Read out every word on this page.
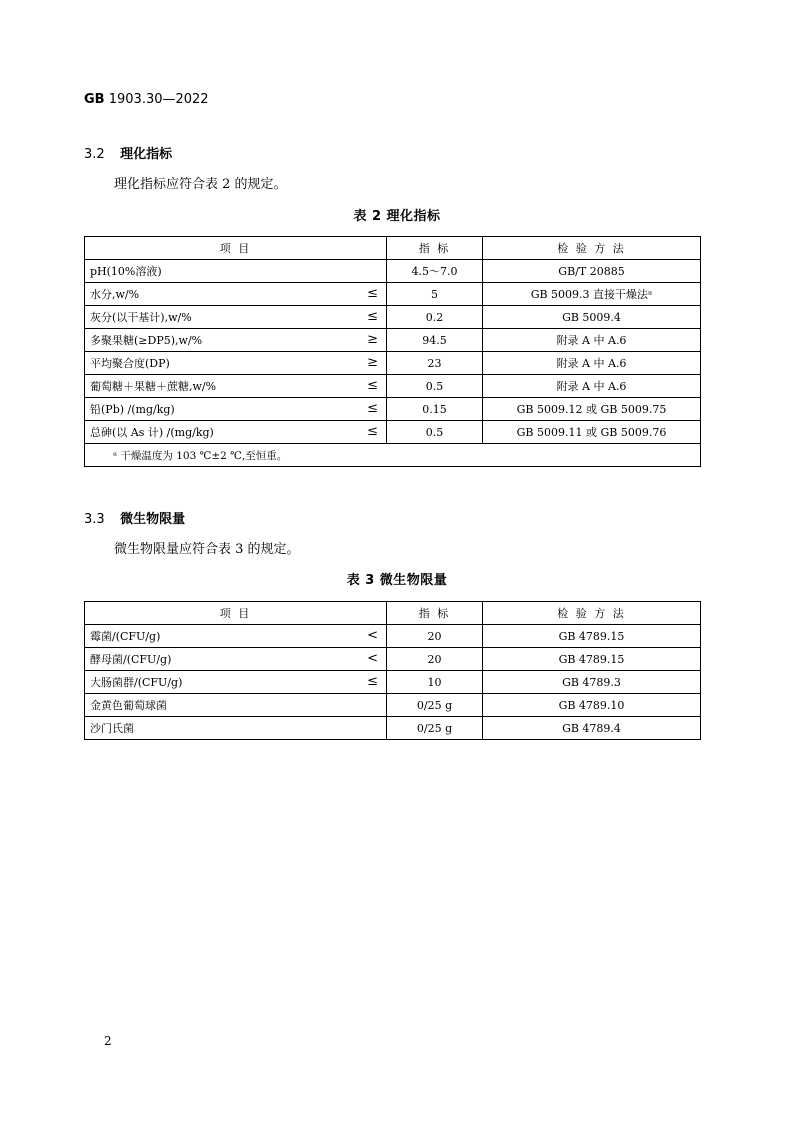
GB 1903.30—2022
3.2 理化指标
理化指标应符合表 2 的规定。
表 2 理化指标
项 目	指 标	检 验 方 法
pH(10%溶液)	4.5～7.0	GB/T 20885
水分,w/% ≤	5	GB 5009.3 直接干燥法ᵃ
灰分(以干基计),w/% ≤	0.2	GB 5009.4
多聚果糖(≥DP5),w/% ≥	94.5	附录 A 中 A.6
平均聚合度(DP) ≥	23	附录 A 中 A.6
葡萄糖＋果糖＋蔗糖,w/% ≤	0.5	附录 A 中 A.6
铅(Pb) /(mg/kg) ≤	0.15	GB 5009.12 或 GB 5009.75
总砷(以 As 计) /(mg/kg) ≤	0.5	GB 5009.11 或 GB 5009.76
ᵃ 干燥温度为 103 ℃±2 ℃,至恒重。		
3.3 微生物限量
微生物限量应符合表 3 的规定。
表 3 微生物限量
项 目	指 标	检 验 方 法
霉菌/(CFU/g) <	20	GB 4789.15
酵母菌/(CFU/g) <	20	GB 4789.15
大肠菌群/(CFU/g) ≤	10	GB 4789.3
金黄色葡萄球菌	0/25 g	GB 4789.10
沙门氏菌	0/25 g	GB 4789.4
2
